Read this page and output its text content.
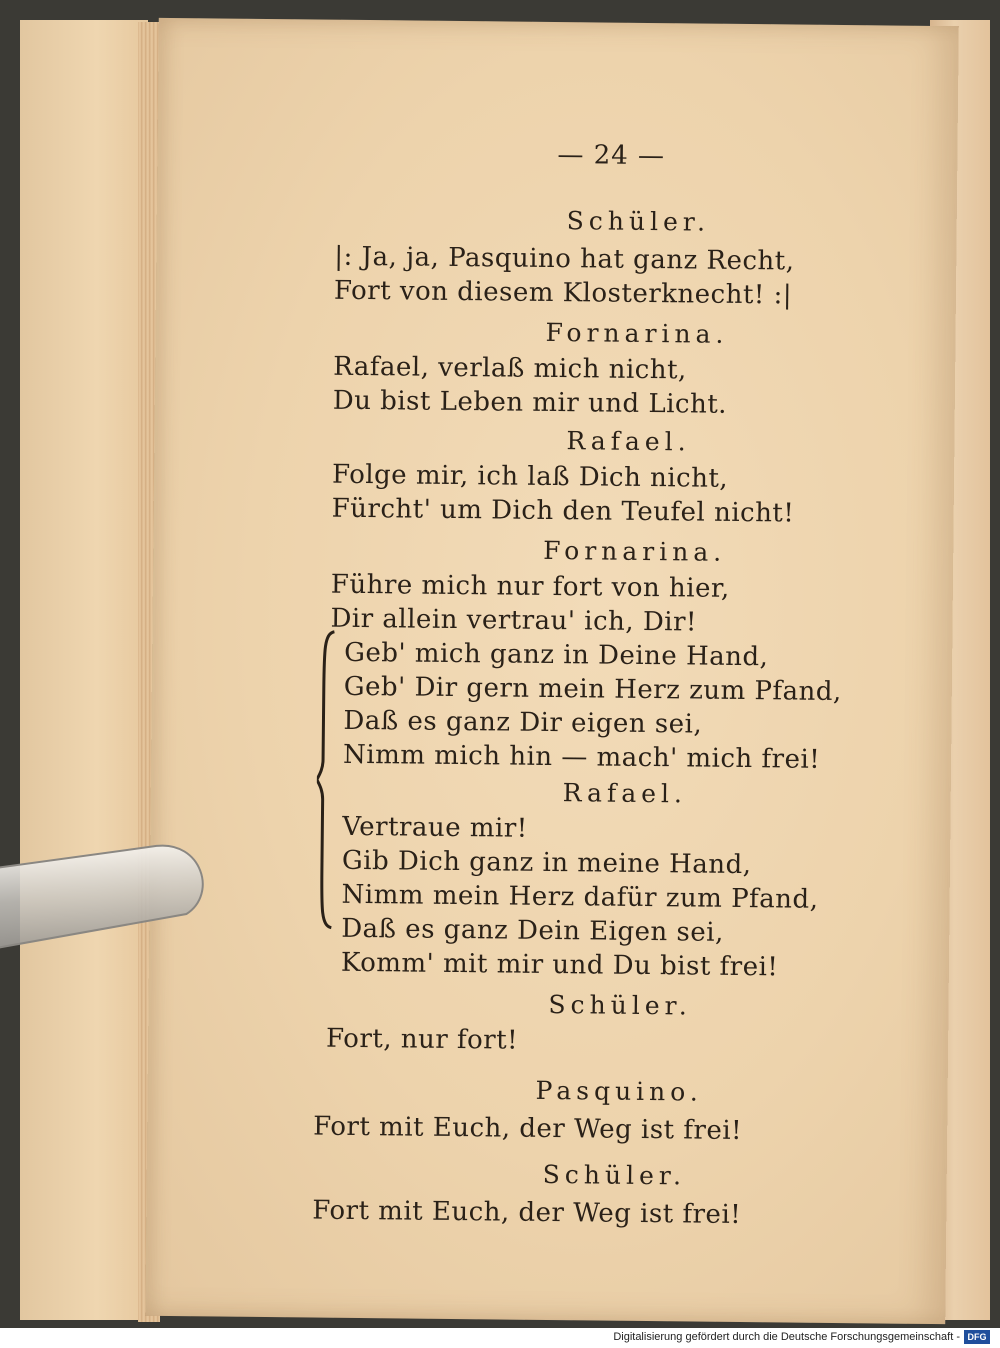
— 24 —
Schüler.
|: Ja, ja, Pasquino hat ganz Recht,
Fort von diesem Klosterknecht! :|
Fornarina.
Rafael, verlaß mich nicht,
Du bist Leben mir und Licht.
Rafael.
Folge mir, ich laß Dich nicht,
Fürcht' um Dich den Teufel nicht!
Fornarina.
Führe mich nur fort von hier,
Dir allein vertrau' ich, Dir!
Geb' mich ganz in Deine Hand,
Geb' Dir gern mein Herz zum Pfand,
Daß es ganz Dir eigen sei,
Nimm mich hin — mach' mich frei!
Rafael.
Vertraue mir!
Gib Dich ganz in meine Hand,
Nimm mein Herz dafür zum Pfand,
Daß es ganz Dein Eigen sei,
Komm' mit mir und Du bist frei!
Schüler.
Fort, nur fort!
Pasquino.
Fort mit Euch, der Weg ist frei!
Schüler.
Fort mit Euch, der Weg ist frei!
Digitalisierung gefördert durch die Deutsche Forschungsgemeinschaft - DFG
